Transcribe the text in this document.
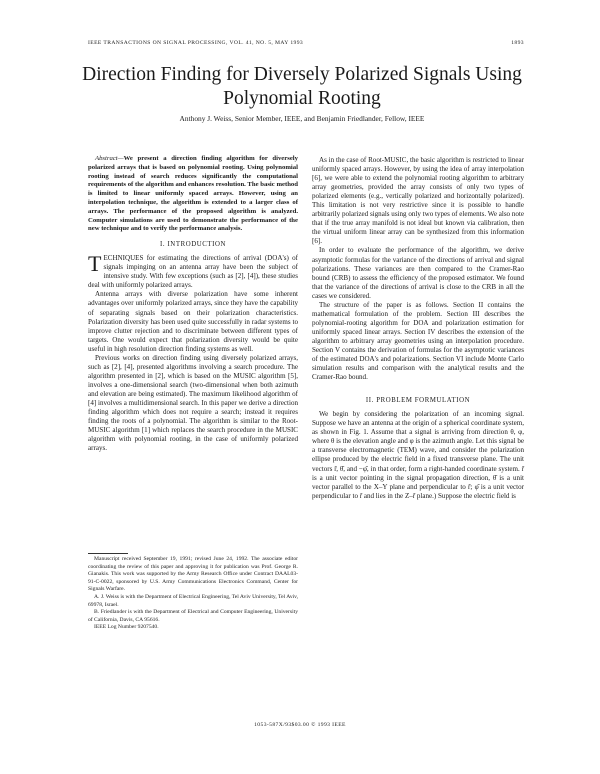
IEEE TRANSACTIONS ON SIGNAL PROCESSING, VOL. 41, NO. 5, MAY 1993	1893
Direction Finding for Diversely Polarized Signals Using Polynomial Rooting
Anthony J. Weiss, Senior Member, IEEE, and Benjamin Friedlander, Fellow, IEEE

Abstract—We present a direction finding algorithm for diversely polarized arrays that is based on polynomial rooting. Using polynomial rooting instead of search reduces significantly the computational requirements of the algorithm and enhances resolution. The basic method is limited to linear uniformly spaced arrays. However, using an interpolation technique, the algorithm is extended to a larger class of arrays. The performance of the proposed algorithm is analyzed. Computer simulations are used to demonstrate the performance of the new technique and to verify the performance analysis.

I. INTRODUCTION

TECHNIQUES for estimating the directions of arrival (DOA's) of signals impinging on an antenna array have been the subject of intensive study. With few exceptions (such as [2], [4]), these studies deal with uniformly polarized arrays.

Antenna arrays with diverse polarization have some inherent advantages over uniformly polarized arrays, since they have the capability of separating signals based on their polarization characteristics. Polarization diversity has been used quite successfully in radar systems to improve clutter rejection and to discriminate between different types of targets. One would expect that polarization diversity would be quite useful in high resolution direction finding systems as well.

Previous works on direction finding using diversely polarized arrays, such as [2], [4], presented algorithms involving a search procedure. The algorithm presented in [2], which is based on the MUSIC algorithm [5], involves a one-dimensional search (two-dimensional when both azimuth and elevation are being estimated). The maximum likelihood algorithm of [4] involves a multidimensional search. In this paper we derive a direction finding algorithm which does not require a search; instead it requires finding the roots of a polynomial. The algorithm is similar to the Root-MUSIC algorithm [1] which replaces the search procedure in the MUSIC algorithm with polynomial rooting, in the case of uniformly polarized arrays.

Manuscript received September 19, 1991; revised June 24, 1992. The associate editor coordinating the review of this paper and approving it for publication was Prof. George R. Gianakis. This work was supported by the Army Research Office under Contract DAAL03-91-C-0022, sponsored by U.S. Army Communications Electronics Command, Center for Signals Warfare.

A. J. Weiss is with the Department of Electrical Engineering, Tel Aviv University, Tel Aviv, 69978, Israel.

B. Friedlander is with the Department of Electrical and Computer Engineering, University of California, Davis, CA 95616.

IEEE Log Number 9207540.

As in the case of Root-MUSIC, the basic algorithm is restricted to linear uniformly spaced arrays. However, by using the idea of array interpolation [6], we were able to extend the polynomial rooting algorithm to arbitrary array geometries, provided the array consists of only two types of polarized elements (e.g., vertically polarized and horizontally polarized). This limitation is not very restrictive since it is possible to handle arbitrarily polarized signals using only two types of elements. We also note that if the true array manifold is not ideal but known via calibration, then the virtual uniform linear array can be synthesized from this information [6].

In order to evaluate the performance of the algorithm, we derive asymptotic formulas for the variance of the directions of arrival and signal polarizations. These variances are then compared to the Cramer-Rao bound (CRB) to assess the efficiency of the proposed estimator. We found that the variance of the directions of arrival is close to the CRB in all the cases we considered.

The structure of the paper is as follows. Section II contains the mathematical formulation of the problem. Section III describes the polynomial-rooting algorithm for DOA and polarization estimation for uniformly spaced linear arrays. Section IV describes the extension of the algorithm to arbitrary array geometries using an interpolation procedure. Section V contains the derivation of formulas for the asymptotic variances of the estimated DOA's and polarizations. Section VI include Monte Carlo simulation results and comparison with the analytical results and the Cramer-Rao bound.

II. PROBLEM FORMULATION

We begin by considering the polarization of an incoming signal. Suppose we have an antenna at the origin of a spherical coordinate system, as shown in Fig. 1. Assume that a signal is arriving from direction θ, φ, where θ is the elevation angle and φ is the azimuth angle. Let this signal be a transverse electromagnetic (TEM) wave, and consider the polarization ellipse produced by the electric field in a fixed transverse plane. The unit vectors r̂, θ̂, and −φ̂, in that order, form a right-handed coordinate system. r̂ is a unit vector pointing in the signal propagation direction, θ̂ is a unit vector parallel to the X–Y plane and perpendicular to r̂; φ̂ is a unit vector perpendicular to r̂ and lies in the Z–r̂ plane.) Suppose the electric field is

1053-587X/93$03.00 © 1993 IEEE
